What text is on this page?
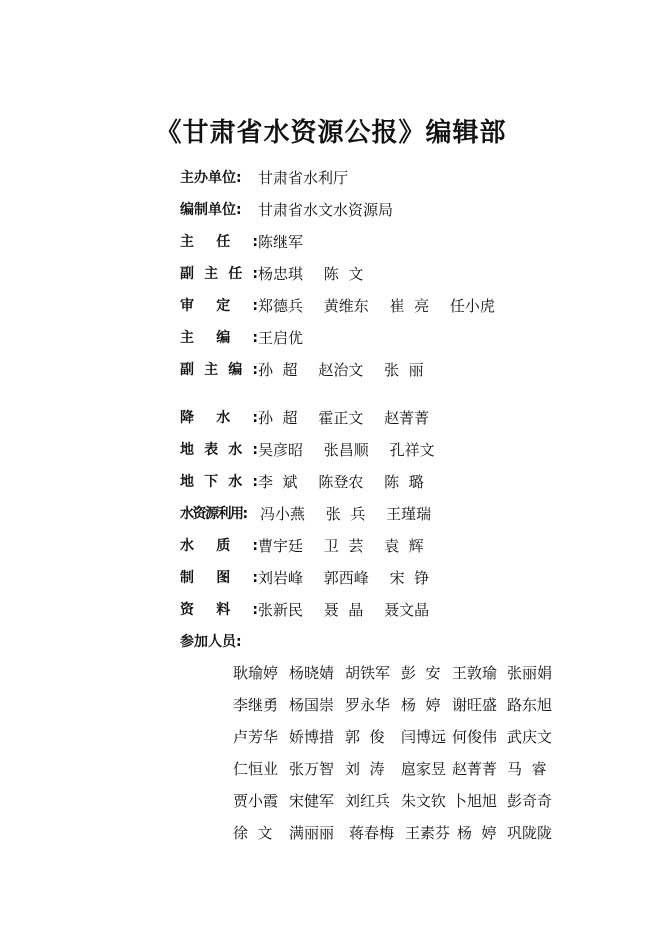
《甘肃省水资源公报》编辑部
主办单位:	甘肃省水利厅
编制单位:	甘肃省水文水资源局
主任: 陈继军
副主任: 杨忠琪 陈  文
审定: 郑德兵 黄维东 崔  亮 任小虎
主编: 王启优
副主编: 孙  超 赵治文 张  丽
降水: 孙  超 霍正文 赵菁菁
地表水: 吴彦昭 张昌顺 孔祥文
地下水: 李  斌 陈登农 陈  璐
水资源利用: 冯小燕 张  兵 王瑾瑞
水质: 曹宇廷 卫  芸 袁  辉
制图: 刘岩峰 郭西峰 宋  铮
资料: 张新民 聂  晶 聂文晶
参加人员:
耿瑜婷 杨晓婧 胡铁军 彭  安 王敦瑜 张丽娟
李继勇 杨国崇 罗永华 杨  婷 谢旺盛 路东旭
卢芳华 娇博措 郭  俊	闫博远 何俊伟 武庆文
仁恒业 张万智 刘  涛	扈家昱 赵菁菁 马  睿
贾小霞 宋健军 刘红兵 朱文钦 卜旭旭 彭奇奇
徐  文	满丽丽 蒋春梅 王素芬 杨  婷 巩陇陇
